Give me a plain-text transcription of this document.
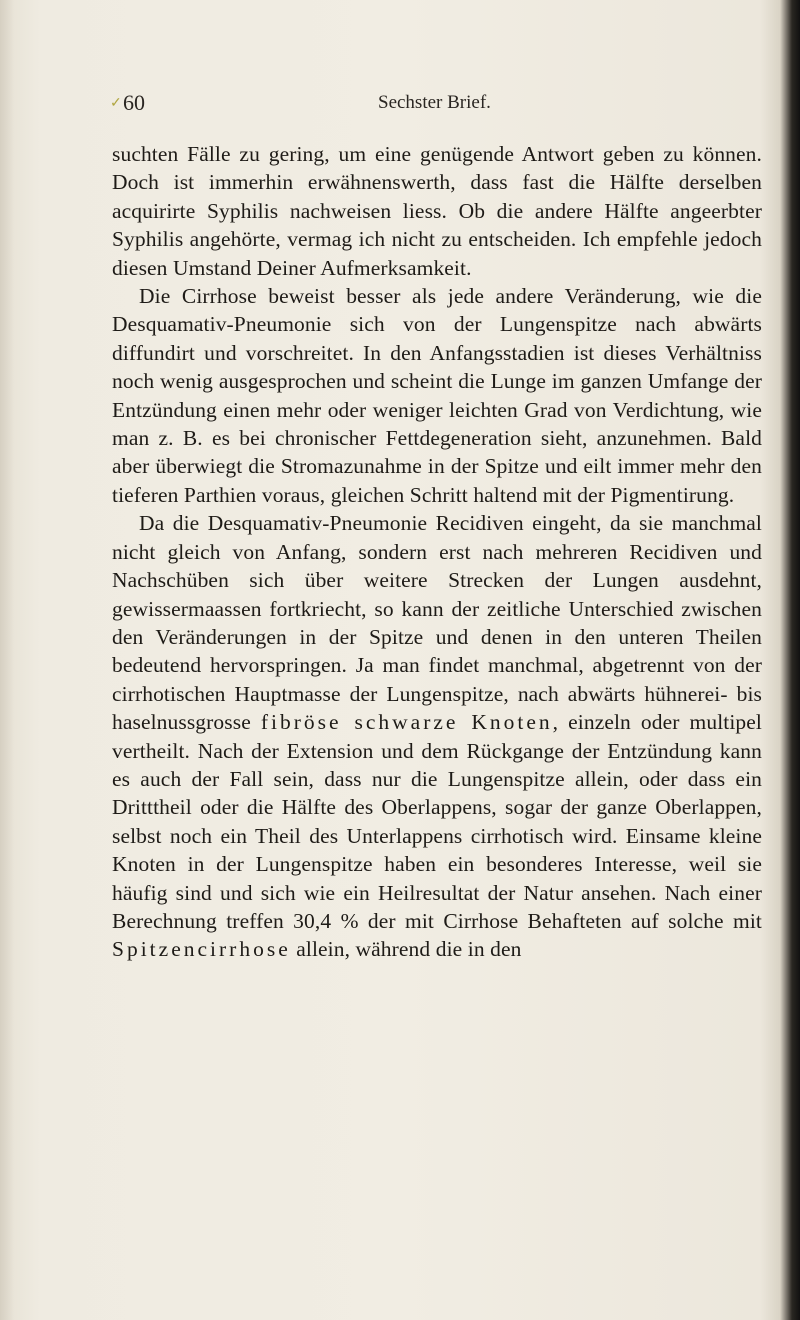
✓ 60	Sechster Brief.

suchten Fälle zu gering, um eine genügende Antwort geben zu können. Doch ist immerhin erwähnenswerth, dass fast die Hälfte derselben acquirirte Syphilis nachweisen liess. Ob die andere Hälfte angeerbter Syphilis angehörte, vermag ich nicht zu entscheiden. Ich empfehle jedoch diesen Umstand Deiner Aufmerksamkeit.

Die Cirrhose beweist besser als jede andere Veränderung, wie die Desquamativ-Pneumonie sich von der Lungenspitze nach abwärts diffundirt und vorschreitet. In den Anfangsstadien ist dieses Verhältniss noch wenig ausgesprochen und scheint die Lunge im ganzen Umfange der Entzündung einen mehr oder weniger leichten Grad von Verdichtung, wie man z. B. es bei chronischer Fettdegeneration sieht, anzunehmen. Bald aber überwiegt die Stromazunahme in der Spitze und eilt immer mehr den tieferen Parthien voraus, gleichen Schritt haltend mit der Pigmentirung.

Da die Desquamativ-Pneumonie Recidiven eingeht, da sie manchmal nicht gleich von Anfang, sondern erst nach mehreren Recidiven und Nachschüben sich über weitere Strecken der Lungen ausdehnt, gewissermaassen fortkriecht, so kann der zeitliche Unterschied zwischen den Veränderungen in der Spitze und denen in den unteren Theilen bedeutend hervorspringen. Ja man findet manchmal, abgetrennt von der cirrhotischen Hauptmasse der Lungenspitze, nach abwärts hühnerei- bis haselnussgrosse fibröse schwarze Knoten, einzeln oder multipel vertheilt. Nach der Extension und dem Rückgange der Entzündung kann es auch der Fall sein, dass nur die Lungenspitze allein, oder dass ein Dritttheil oder die Hälfte des Oberlappens, sogar der ganze Oberlappen, selbst noch ein Theil des Unterlappens cirrhotisch wird. Einsame kleine Knoten in der Lungenspitze haben ein besonderes Interesse, weil sie häufig sind und sich wie ein Heilresultat der Natur ansehen. Nach einer Berechnung treffen 30,4 % der mit Cirrhose Behafteten auf solche mit Spitzencirrhose allein, während die in den
